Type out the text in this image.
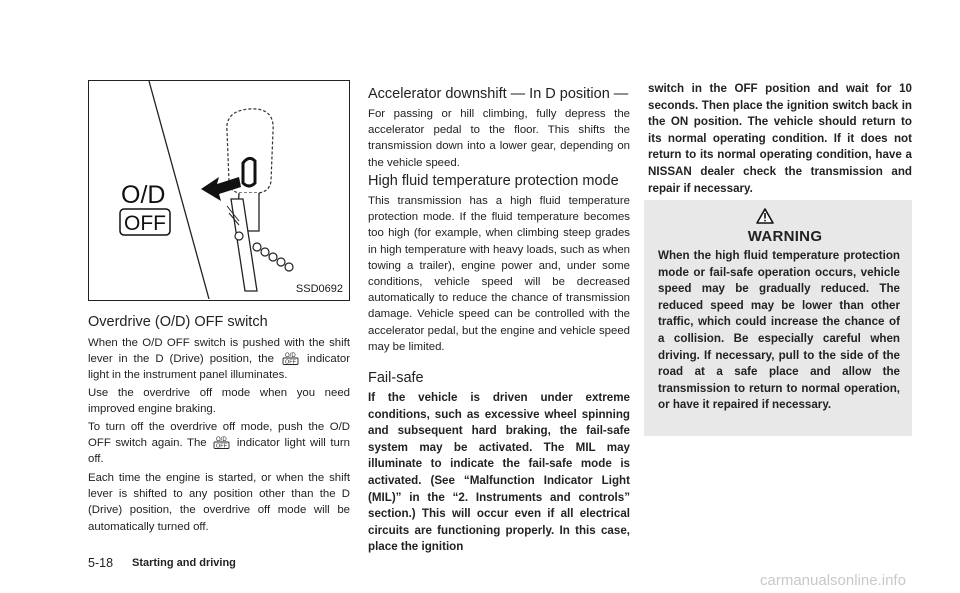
O/D
OFF
SSD0692
Overdrive (O/D) OFF switch

When the O/D OFF switch is pushed with the shift lever in the D (Drive) position, the O/D
OFF indicator light in the instrument panel illuminates.

Use the overdrive off mode when you need improved engine braking.

To turn off the overdrive off mode, push the O/D OFF switch again. The O/D
OFF indicator light will turn off.

Each time the engine is started, or when the shift lever is shifted to any position other than the D (Drive) position, the overdrive off mode will be automatically turned off.

Accelerator downshift — In D position —

For passing or hill climbing, fully depress the accelerator pedal to the floor. This shifts the transmission down into a lower gear, depending on the vehicle speed.

High fluid temperature protection mode

This transmission has a high fluid temperature protection mode. If the fluid temperature becomes too high (for example, when climbing steep grades in high temperature with heavy loads, such as when towing a trailer), engine power and, under some conditions, vehicle speed will be decreased automatically to reduce the chance of transmission damage. Vehicle speed can be controlled with the accelerator pedal, but the engine and vehicle speed may be limited.

Fail-safe

If the vehicle is driven under extreme conditions, such as excessive wheel spinning and subsequent hard braking, the fail-safe system may be activated. The MIL may illuminate to indicate the fail-safe mode is activated. (See “Malfunction Indicator Light (MIL)” in the “2. Instruments and controls” section.) This will occur even if all electrical circuits are functioning properly. In this case, place the ignition

switch in the OFF position and wait for 10 seconds. Then place the ignition switch back in the ON position. The vehicle should return to its normal operating condition. If it does not return to its normal operating condition, have a NISSAN dealer check the transmission and repair if necessary.

WARNING

When the high fluid temperature protection mode or fail-safe operation occurs, vehicle speed may be gradually reduced. The reduced speed may be lower than other traffic, which could increase the chance of a collision. Be especially careful when driving. If necessary, pull to the side of the road at a safe place and allow the transmission to return to normal operation, or have it repaired if necessary.

5-18 Starting and driving
carmanualsonline.info
